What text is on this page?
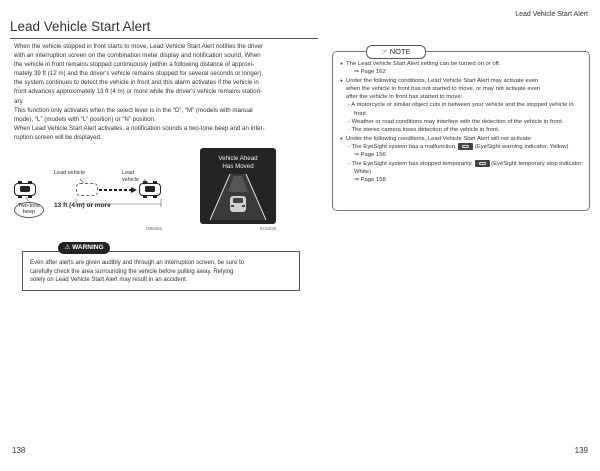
Lead Vehicle Start Alert
Lead Vehicle Start Alert

When the vehicle stopped in front starts to move, Lead Vehicle Start Alert notifies the driver

with an interruption screen on the combination meter display and notification sound. When

the vehicle in front remains stopped continuously (within a following distance of approxi-

mately 39 ft (12 m) and the driver's vehicle remains stopped for several seconds or longer),

the system continues to detect the vehicle in front and this alarm activates if the vehicle in

front advances approximately 13 ft (4 m) or more while the driver's vehicle remains station-

ary.

This function only activates when the select lever is in the “D”, “M” (models with manual

mode), “L” (models with “L” position) or “N” position.

When Lead Vehicle Start Alert activates, a notification sounds a two-tone beep and an inter-

ruption screen will be displayed.

Lead vehicle	Lead vehicle
Two-tone beep
13 ft (4 m) or more
HB5462
Vehicle Ahead
Has Moved
EC6036
⚠ WARNING
Even after alerts are given audibly and through an interruption screen, be sure to
carefully check the area surrounding the vehicle before pulling away. Relying
solely on Lead Vehicle Start Alert may result in an accident.
☞ NOTE
● The Lead Vehicle Start Alert setting can be turned on or off.
⇒ Page 162
● Under the following conditions, Lead Vehicle Start Alert may activate even
when the vehicle in front has not started to move, or may not activate even
after the vehicle in front has started to move:
- A motorcycle or similar object cuts in between your vehicle and the stopped vehicle in front.
- Weather or road conditions may interfere with the detection of the vehicle in front.
- The stereo camera loses detection of the vehicle in front.
● Under the following conditions, Lead Vehicle Start Alert will not activate:
- The EyeSight system has a malfunction.	(EyeSight warning indicator: Yellow)
⇒ Page 156
- The EyeSight system has stopped temporarily.	(EyeSight temporary stop indicator: White)
⇒ Page 158
138	139
